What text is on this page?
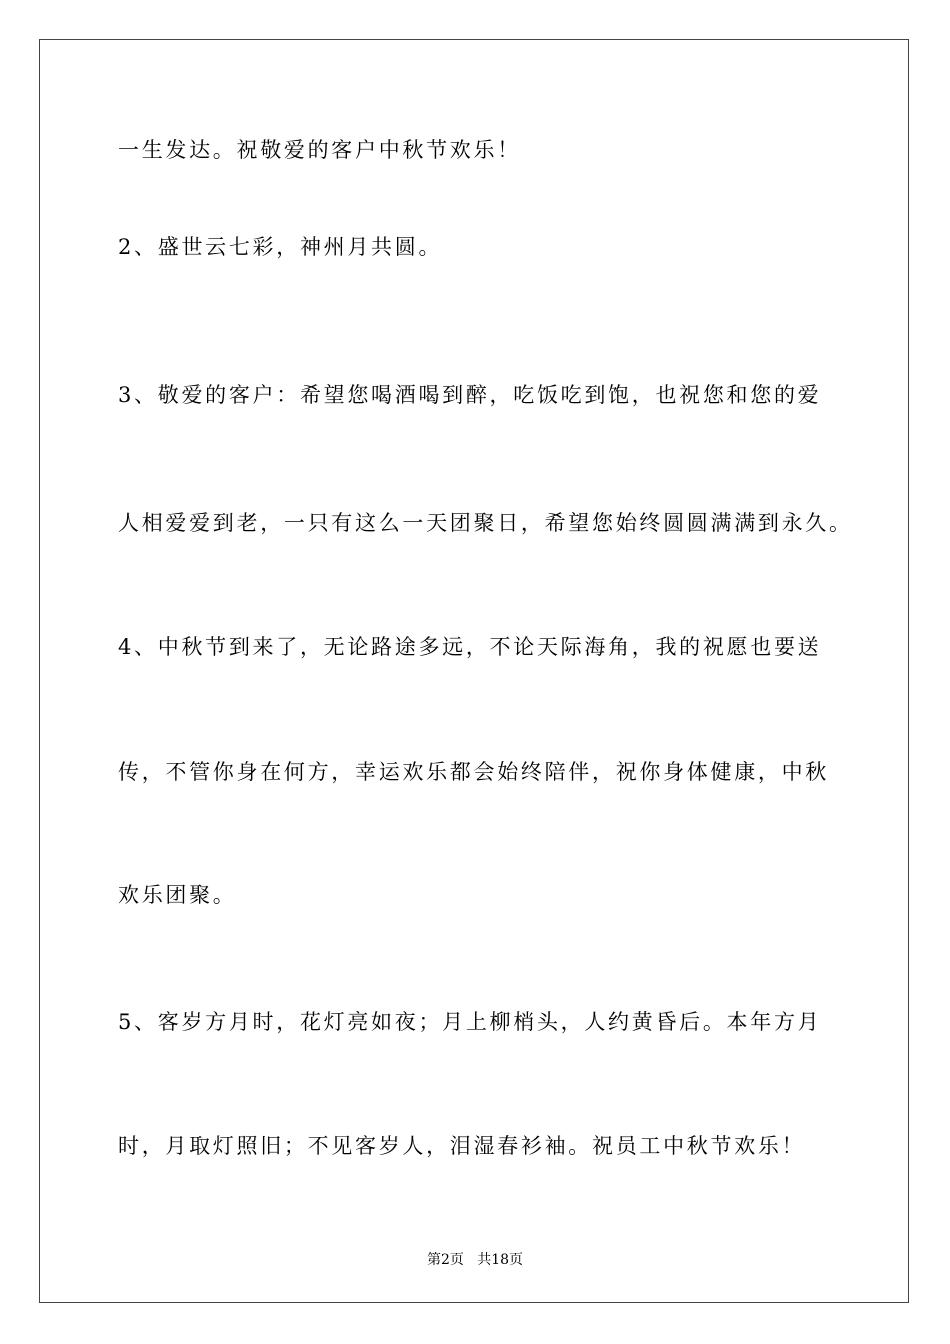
一生发达。祝敬爱的客户中秋节欢乐！
2、盛世云七彩，神州月共圆。
3、敬爱的客户：希望您喝酒喝到醉，吃饭吃到饱，也祝您和您的爱
人相爱爱到老，一只有这么一天团聚日，希望您始终圆圆满满到永久。
4、中秋节到来了，无论路途多远，不论天际海角，我的祝愿也要送
传，不管你身在何方，幸运欢乐都会始终陪伴，祝你身体健康，中秋
欢乐团聚。
5、客岁方月时，花灯亮如夜；月上柳梢头，人约黄昏后。本年方月
时，月取灯照旧；不见客岁人，泪湿春衫袖。祝员工中秋节欢乐！
第2页   共18页
